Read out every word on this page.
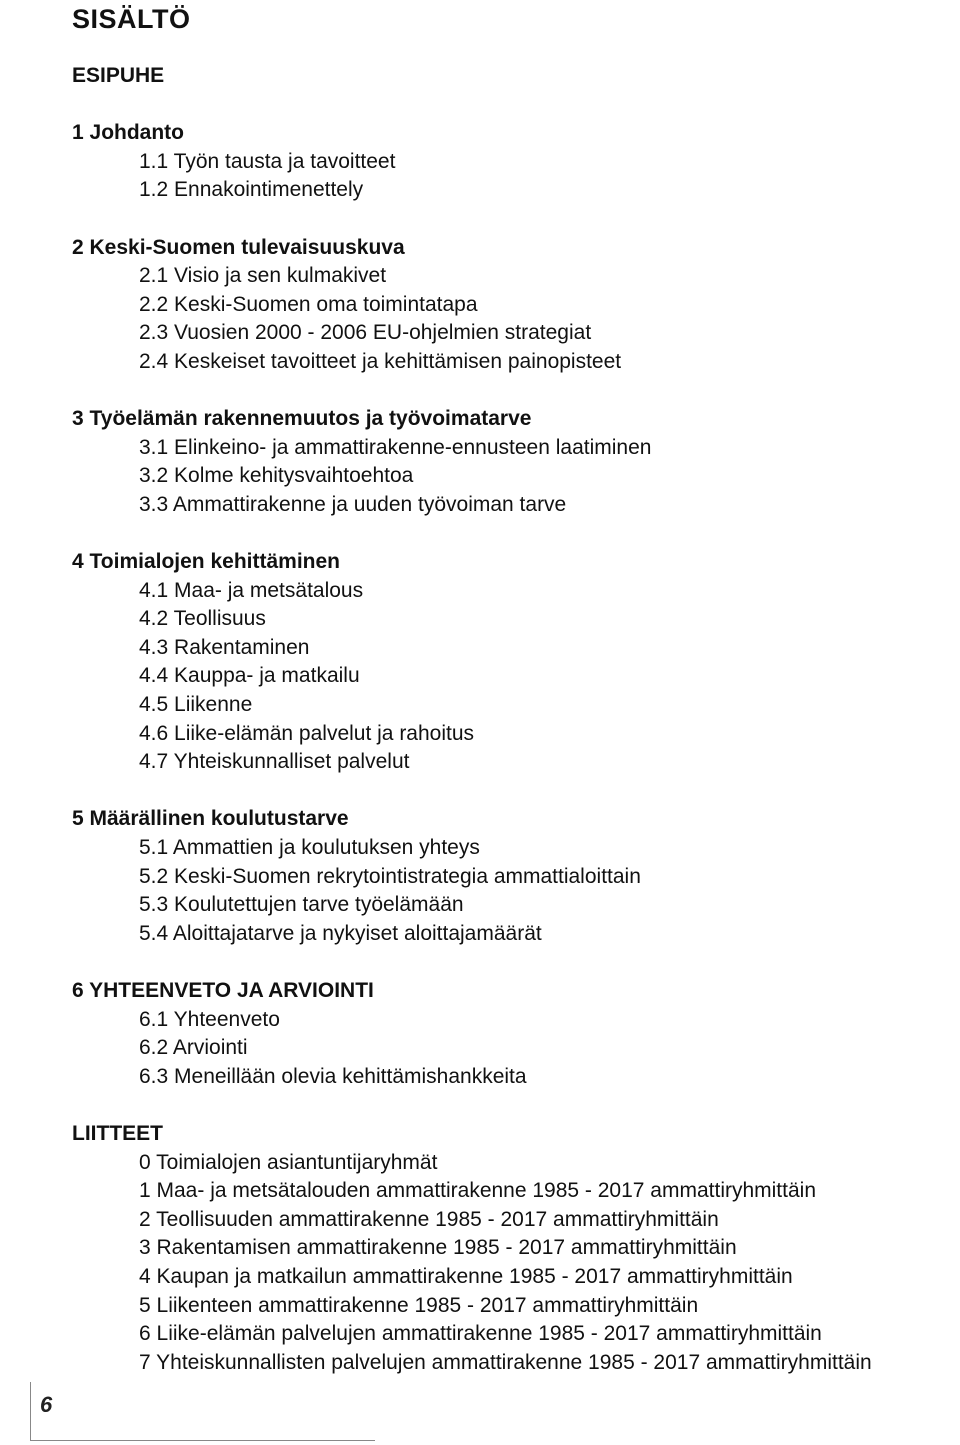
SISÄLTÖ
ESIPUHE
1 Johdanto
1.1 Työn tausta ja tavoitteet
1.2 Ennakointimenettely
2 Keski-Suomen tulevaisuuskuva
2.1 Visio ja sen kulmakivet
2.2 Keski-Suomen oma toimintatapa
2.3 Vuosien 2000 - 2006 EU-ohjelmien strategiat
2.4 Keskeiset tavoitteet ja kehittämisen painopisteet
3 Työelämän rakennemuutos ja työvoimatarve
3.1 Elinkeino- ja ammattirakenne-ennusteen laatiminen
3.2 Kolme kehitysvaihtoehtoa
3.3 Ammattirakenne ja uuden työvoiman tarve
4 Toimialojen kehittäminen
4.1 Maa- ja metsätalous
4.2 Teollisuus
4.3 Rakentaminen
4.4 Kauppa- ja matkailu
4.5 Liikenne
4.6 Liike-elämän palvelut ja rahoitus
4.7 Yhteiskunnalliset palvelut
5 Määrällinen koulutustarve
5.1 Ammattien ja koulutuksen yhteys
5.2 Keski-Suomen rekrytointistrategia ammattialoittain
5.3 Koulutettujen tarve työelämään
5.4 Aloittajatarve ja nykyiset aloittajamäärät
6 YHTEENVETO JA ARVIOINTI
6.1 Yhteenveto
6.2 Arviointi
6.3 Meneillään olevia kehittämishankkeita
LIITTEET
0 Toimialojen asiantuntijaryhmät
1 Maa- ja metsätalouden ammattirakenne 1985 - 2017 ammattiryhmittäin
2 Teollisuuden ammattirakenne 1985 - 2017 ammattiryhmittäin
3 Rakentamisen ammattirakenne 1985 - 2017 ammattiryhmittäin
4 Kaupan ja matkailun ammattirakenne 1985 - 2017 ammattiryhmittäin
5 Liikenteen ammattirakenne 1985 - 2017 ammattiryhmittäin
6 Liike-elämän palvelujen ammattirakenne 1985 - 2017 ammattiryhmittäin
7 Yhteiskunnallisten palvelujen ammattirakenne 1985 - 2017 ammattiryhmittäin
6
